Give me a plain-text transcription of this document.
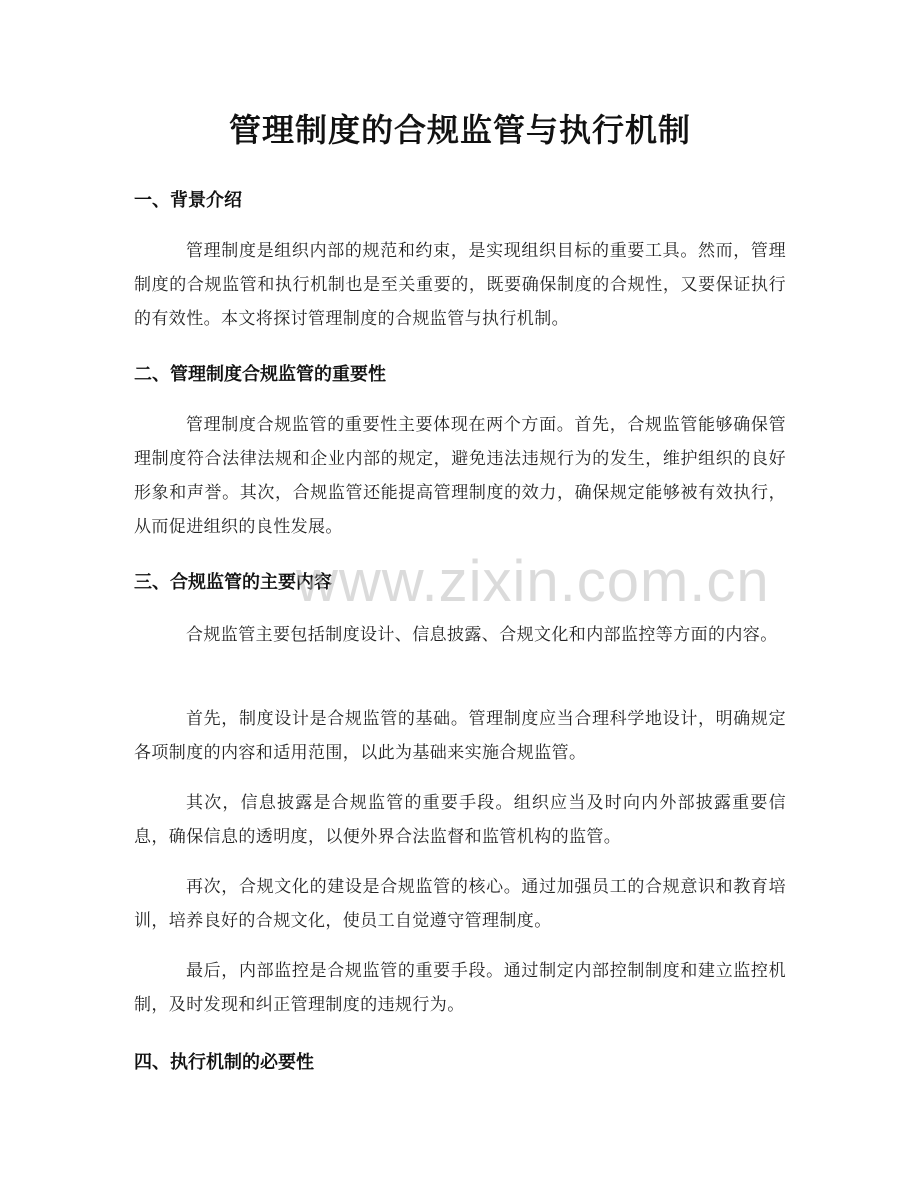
管理制度的合规监管与执行机制
一、背景介绍
管理制度是组织内部的规范和约束，是实现组织目标的重要工具。然而，管理制度的合规监管和执行机制也是至关重要的，既要确保制度的合规性，又要保证执行的有效性。本文将探讨管理制度的合规监管与执行机制。
二、管理制度合规监管的重要性
管理制度合规监管的重要性主要体现在两个方面。首先，合规监管能够确保管理制度符合法律法规和企业内部的规定，避免违法违规行为的发生，维护组织的良好形象和声誉。其次，合规监管还能提高管理制度的效力，确保规定能够被有效执行，从而促进组织的良性发展。
三、合规监管的主要内容
合规监管主要包括制度设计、信息披露、合规文化和内部监控等方面的内容。
首先，制度设计是合规监管的基础。管理制度应当合理科学地设计，明确规定各项制度的内容和适用范围，以此为基础来实施合规监管。
其次，信息披露是合规监管的重要手段。组织应当及时向内外部披露重要信息，确保信息的透明度，以便外界合法监督和监管机构的监管。
再次，合规文化的建设是合规监管的核心。通过加强员工的合规意识和教育培训，培养良好的合规文化，使员工自觉遵守管理制度。
最后，内部监控是合规监管的重要手段。通过制定内部控制制度和建立监控机制，及时发现和纠正管理制度的违规行为。
四、执行机制的必要性
www.zixin.com.cn
